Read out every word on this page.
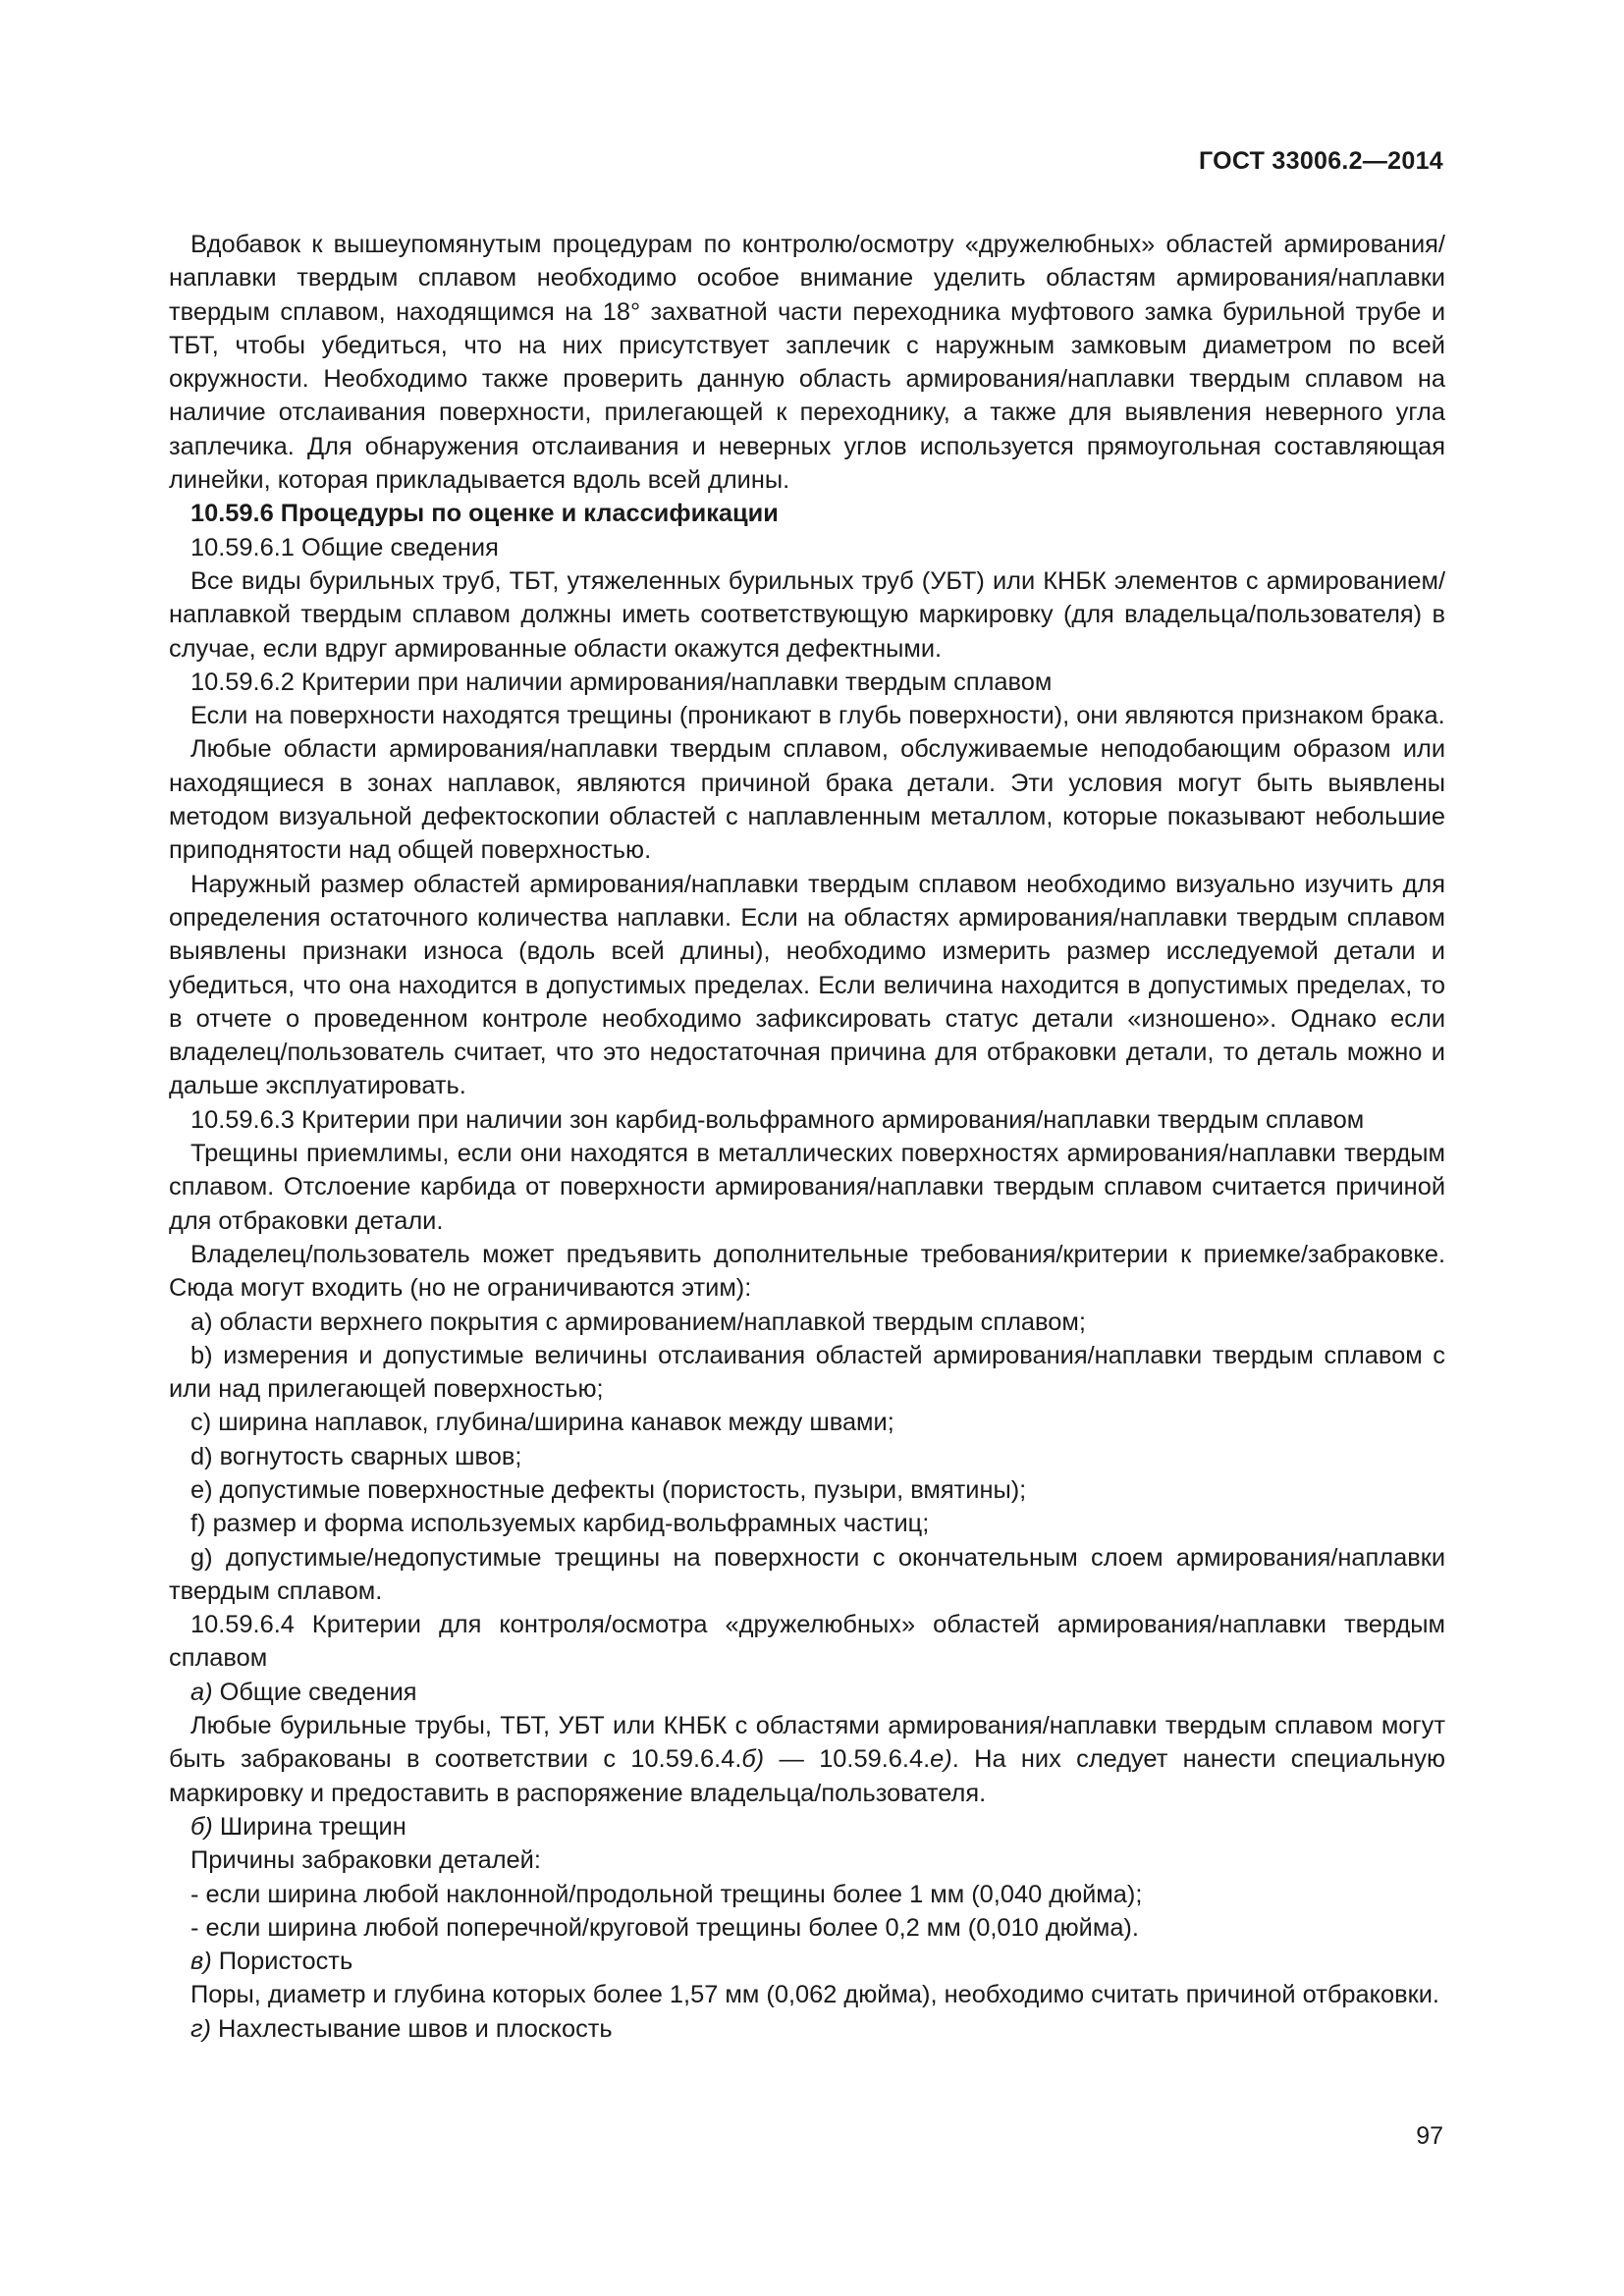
ГОСТ 33006.2—2014

Вдобавок к вышеупомянутым процедурам по контролю/осмотру «дружелюбных» областей армирования/наплавки твердым сплавом необходимо особое внимание уделить областям армирования/наплавки твердым сплавом, находящимся на 18° захватной части переходника муфтового замка бурильной трубе и ТБТ, чтобы убедиться, что на них присутствует заплечик с наружным замковым диаметром по всей окружности. Необходимо также проверить данную область армирования/наплавки твердым сплавом на наличие отслаивания поверхности, прилегающей к переходнику, а также для выявления неверного угла заплечика. Для обнаружения отслаивания и неверных углов используется прямоугольная составляющая линейки, которая прикладывается вдоль всей длины.

10.59.6 Процедуры по оценке и классификации

10.59.6.1 Общие сведения

Все виды бурильных труб, ТБТ, утяжеленных бурильных труб (УБТ) или КНБК элементов с армированием/наплавкой твердым сплавом должны иметь соответствующую маркировку (для владельца/пользователя) в случае, если вдруг армированные области окажутся дефектными.

10.59.6.2 Критерии при наличии армирования/наплавки твердым сплавом

Если на поверхности находятся трещины (проникают в глубь поверхности), они являются признаком брака.

Любые области армирования/наплавки твердым сплавом, обслуживаемые неподобающим образом или находящиеся в зонах наплавок, являются причиной брака детали. Эти условия могут быть выявлены методом визуальной дефектоскопии областей с наплавленным металлом, которые показывают небольшие приподнятости над общей поверхностью.

Наружный размер областей армирования/наплавки твердым сплавом необходимо визуально изучить для определения остаточного количества наплавки. Если на областях армирования/наплавки твердым сплавом выявлены признаки износа (вдоль всей длины), необходимо измерить размер исследуемой детали и убедиться, что она находится в допустимых пределах. Если величина находится в допустимых пределах, то в отчете о проведенном контроле необходимо зафиксировать статус детали «изношено». Однако если владелец/пользователь считает, что это недостаточная причина для отбраковки детали, то деталь можно и дальше эксплуатировать.

10.59.6.3 Критерии при наличии зон карбид-вольфрамного армирования/наплавки твердым сплавом

Трещины приемлимы, если они находятся в металлических поверхностях армирования/наплавки твердым сплавом. Отслоение карбида от поверхности армирования/наплавки твердым сплавом считается причиной для отбраковки детали.

Владелец/пользователь может предъявить дополнительные требования/критерии к приемке/забраковке. Сюда могут входить (но не ограничиваются этим):

a) области верхнего покрытия с армированием/наплавкой твердым сплавом;

b) измерения и допустимые величины отслаивания областей армирования/наплавки твердым сплавом с или над прилегающей поверхностью;

c) ширина наплавок, глубина/ширина канавок между швами;

d) вогнутость сварных швов;

e) допустимые поверхностные дефекты (пористость, пузыри, вмятины);

f) размер и форма используемых карбид-вольфрамных частиц;

g) допустимые/недопустимые трещины на поверхности с окончательным слоем армирования/наплавки твердым сплавом.

10.59.6.4 Критерии для контроля/осмотра «дружелюбных» областей армирования/наплавки твердым сплавом

а) Общие сведения

Любые бурильные трубы, ТБТ, УБТ или КНБК с областями армирования/наплавки твердым сплавом могут быть забракованы в соответствии с 10.59.6.4.б) — 10.59.6.4.е). На них следует нанести специальную маркировку и предоставить в распоряжение владельца/пользователя.

б) Ширина трещин

Причины забраковки деталей:

- если ширина любой наклонной/продольной трещины более 1 мм (0,040 дюйма);

- если ширина любой поперечной/круговой трещины более 0,2 мм (0,010 дюйма).

в) Пористость

Поры, диаметр и глубина которых более 1,57 мм (0,062 дюйма), необходимо считать причиной отбраковки.

г) Нахлестывание швов и плоскость

97
